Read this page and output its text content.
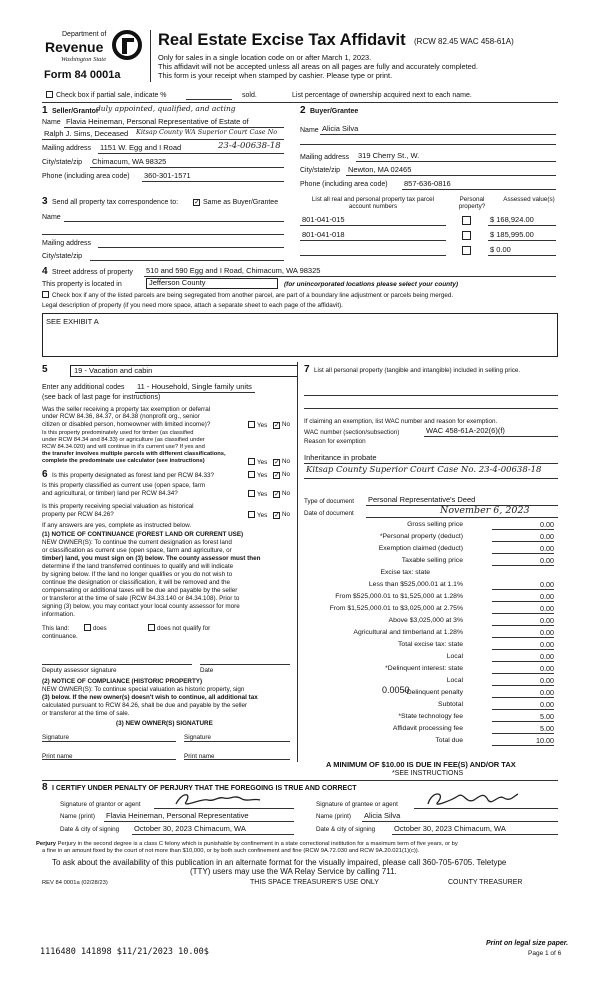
Department of
Revenue
Washington State
Form 84 0001a
Real Estate Excise Tax Affidavit (RCW 82.45 WAC 458-61A)
Only for sales in a single location code on or after March 1, 2023.
This affidavit will not be accepted unless all areas on all pages are fully and accurately completed.
This form is your receipt when stamped by cashier. Please type or print.
Check box if partial sale, indicate %	sold.	List percentage of ownership acquired next to each name.
1 Seller/Grantor
duly appointed, qualified, and acting
Name Flavia Heineman, Personal Representative of Estate of
Ralph J. Sims, Deceased Kitsap County WA Superior Court Case No
Mailing address 1151 W. Egg and I Road	23-4-00638-18
City/state/zip Chimacum, WA 98325
Phone (including area code) 360-301-1571
2 Buyer/Grantee
Name Alicia Silva
Mailing address 319 Cherry St., W.
City/state/zip Newton, MA 02465
Phone (including area code) 857-636-0816
3 Send all property tax correspondence to: ✓	Same as Buyer/Grantee
Name
Mailing address
City/state/zip
List all real and personal property tax parcel account numbers
Personal property?
Assessed value(s)
801-041-015	$ 168,924.00
801-041-018	$ 185,995.00
$ 0.00
4 Street address of property 510 and 590 Egg and I Road, Chimacum, WA 98325
This property is located in	Jefferson County	(for unincorporated locations please select your county)
Check box if any of the listed parcels are being segregated from another parcel, are part of a boundary line adjustment or parcels being merged.
Legal description of property (if you need more space, attach a separate sheet to each page of the affidavit).
SEE EXHIBIT A
5	19 - Vacation and cabin
Enter any additional codes 11 - Household, Single family units
(see back of last page for instructions)
Was the seller receiving a property tax exemption or deferral
under RCW 84.36, 84.37, or 84.38 (nonprofit org., senior
citizen or disabled person, homeowner with limited income)?	Yes ✓	No
Is this property predominately used for timber (as classified
under RCW 84.34 and 84.33) or agriculture (as classified under
RCW 84.34.020) and will continue in it's current use? If yes and
the transfer involves multiple parcels with different classifications,
complete the predominate use calculator (see instructions)	Yes ✓	No
6 Is this property designated as forest land per RCW 84.33?	Yes ✓	No
Is this property classified as current use (open space, farm
and agricultural, or timber) land per RCW 84.34?	Yes ✓	No
Is this property receiving special valuation as historical
property per RCW 84.26?	Yes ✓	No
If any answers are yes, complete as instructed below.
(1) NOTICE OF CONTINUANCE (FOREST LAND OR CURRENT USE)
NEW OWNER(S): To continue the current designation as forest land
or classification as current use (open space, farm and agriculture, or
timber) land, you must sign on (3) below. The county assessor must then
determine if the land transferred continues to qualify and will indicate
by signing below. If the land no longer qualifies or you do not wish to
continue the designation or classification, it will be removed and the
compensating or additional taxes will be due and payable by the seller
or transferor at the time of sale (RCW 84.33.140 or 84.34.108). Prior to
signing (3) below, you may contact your local county assessor for more
information.
This land:	does	does not qualify for
continuance.
Deputy assessor signature	Date
(2) NOTICE OF COMPLIANCE (HISTORIC PROPERTY)
NEW OWNER(S): To continue special valuation as historic property, sign
(3) below. If the new owner(s) doesn't wish to continue, all additional tax
calculated pursuant to RCW 84.26, shall be due and payable by the seller
or transferor at the time of sale.
(3) NEW OWNER(S) SIGNATURE
Signature	Signature
Print name	Print name
7 List all personal property (tangible and intangible) included in selling price.
If claiming an exemption, list WAC number and reason for exemption.
WAC number (section/subsection)	WAC 458-61A-202(6)(f)
Reason for exemption
Inheritance in probate
Kitsap County Superior Court Case No. 23-4-00638-18
Type of document Personal Representative's Deed
Date of document	November 6, 2023
Gross selling price	0.00
*Personal property (deduct)	0.00
Exemption claimed (deduct)	0.00
Taxable selling price	0.00
Excise tax: state
Less than $525,000.01 at 1.1%	0.00
From $525,000.01 to $1,525,000 at 1.28%	0.00
From $1,525,000.01 to $3,025,000 at 2.75%	0.00
Above $3,025,000 at 3%	0.00
Agricultural and timberland at 1.28%	0.00
Total excise tax: state	0.00
Local	0.00
*Delinquent interest: state	0.00
Local	0.00
*Delinquent penalty	0.00
Subtotal	0.00
*State technology fee	5.00
Affidavit processing fee	5.00
Total due	10.00
0.0050
A MINIMUM OF $10.00 IS DUE IN FEE(S) AND/OR TAX
*SEE INSTRUCTIONS
8 I CERTIFY UNDER PENALTY OF PERJURY THAT THE FOREGOING IS TRUE AND CORRECT
Signature of grantor or agent
Name (print) Flavia Heineman, Personal Representative
Date & city of signing October 30, 2023 Chimacum, WA
Signature of grantee or agent
Name (print) Alicia Silva
Date & city of signing	October 30, 2023 Chimacum, WA
Perjury Perjury in the second degree is a class C felony which is punishable by confinement in a state correctional institution for a maximum term of five years, or by
a fine in an amount fixed by the court of not more than $10,000, or by both such confinement and fine (RCW 9A.72.030 and RCW 9A.20.021(1)(c)).
To ask about the availability of this publication in an alternate format for the visually impaired, please call 360-705-6705. Teletype
(TTY) users may use the WA Relay Service by calling 711.
REV 84 0001a (02/28/23)	THIS SPACE TREASURER'S USE ONLY	COUNTY TREASURER
Print on legal size paper.
Page 1 of 6
1116480 141898 $11/21/2023 10.00$
